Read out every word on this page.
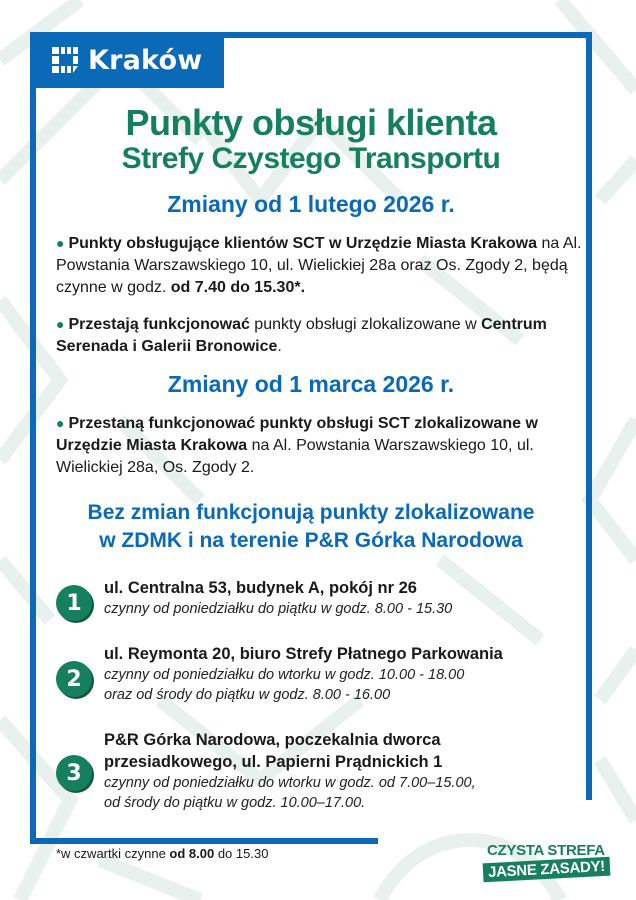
Kraków
Punkty obsługi klienta
Strefy Czystego Transportu
Zmiany od 1 lutego 2026 r.
● Punkty obsługujące klientów SCT w Urzędzie Miasta Krakowa na Al. Powstania Warszawskiego 10, ul. Wielickiej 28a oraz Os. Zgody 2, będą czynne w godz. od 7.40 do 15.30*.
● Przestają funkcjonować punkty obsługi zlokalizowane w Centrum Serenada i Galerii Bronowice.
Zmiany od 1 marca 2026 r.
● Przestaną funkcjonować punkty obsługi SCT zlokalizowane w Urzędzie Miasta Krakowa na Al. Powstania Warszawskiego 10, ul. Wielickiej 28a, Os. Zgody 2.
Bez zmian funkcjonują punkty zlokalizowane
w ZDMK i na terenie P&R Górka Narodowa
1
ul. Centralna 53, budynek A, pokój nr 26
czynny od poniedziałku do piątku w godz. 8.00 - 15.30
2
ul. Reymonta 20, biuro Strefy Płatnego Parkowania
czynny od poniedziałku do wtorku w godz. 10.00 - 18.00
oraz od środy do piątku w godz. 8.00 - 16.00
3
P&R Górka Narodowa, poczekalnia dworca przesiadkowego, ul. Papierni Prądnickich 1
czynny od poniedziałku do wtorku w godz. od 7.00–15.00,
od środy do piątku w godz. 10.00–17.00.
*w czwartki czynne od 8.00 do 15.30	CZYSTA STREFA
JASNE ZASADY!
